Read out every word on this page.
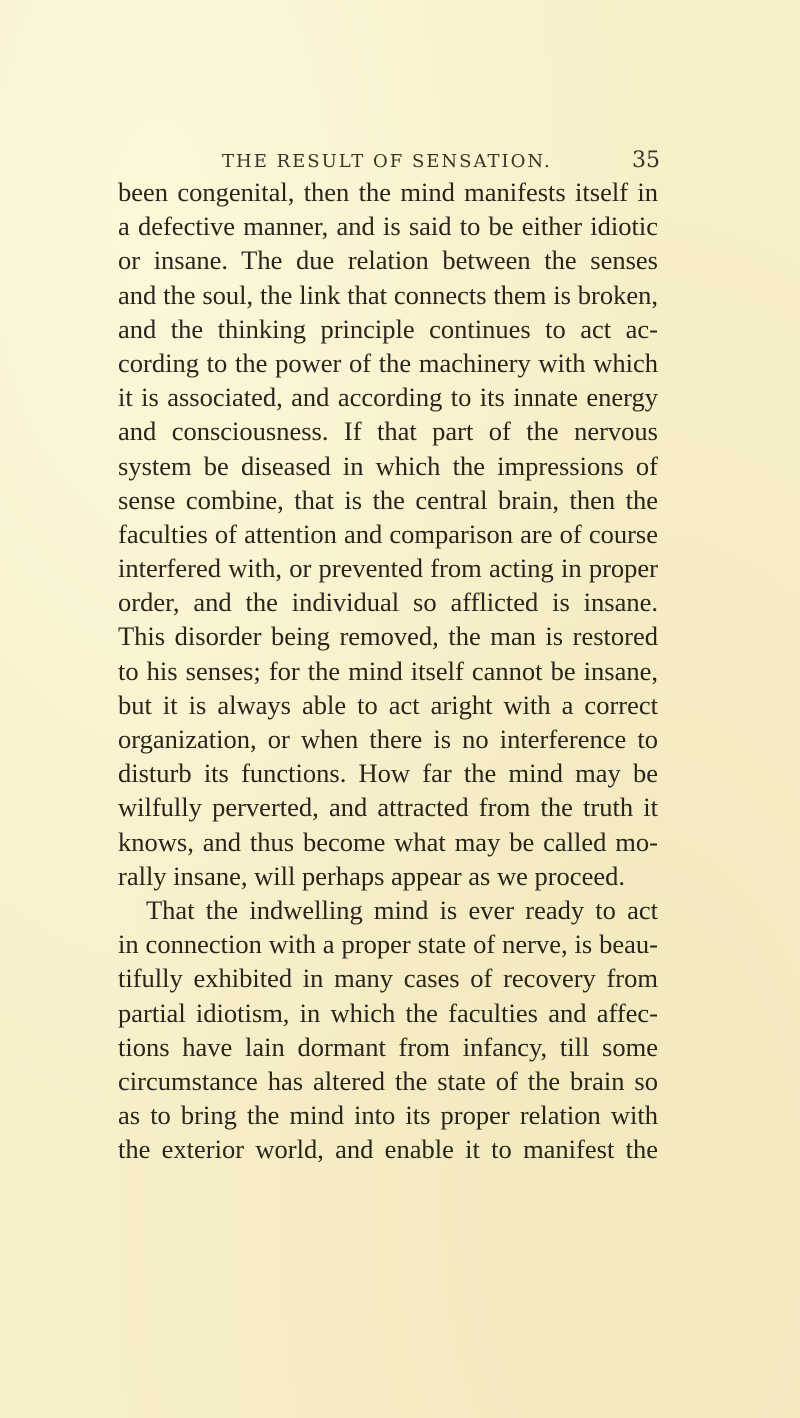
THE RESULT OF SENSATION.	35
been congenital, then the mind manifests itself in
a defective manner, and is said to be either idiotic
or insane. The due relation between the senses
and the soul, the link that connects them is broken,
and the thinking principle continues to act ac-
cording to the power of the machinery with which
it is associated, and according to its innate energy
and consciousness. If that part of the nervous
system be diseased in which the impressions of
sense combine, that is the central brain, then the
faculties of attention and comparison are of course
interfered with, or prevented from acting in proper
order, and the individual so afflicted is insane.
This disorder being removed, the man is restored
to his senses; for the mind itself cannot be insane,
but it is always able to act aright with a correct
organization, or when there is no interference to
disturb its functions. How far the mind may be
wilfully perverted, and attracted from the truth it
knows, and thus become what may be called mo-
rally insane, will perhaps appear as we proceed.
That the indwelling mind is ever ready to act
in connection with a proper state of nerve, is beau-
tifully exhibited in many cases of recovery from
partial idiotism, in which the faculties and affec-
tions have lain dormant from infancy, till some
circumstance has altered the state of the brain so
as to bring the mind into its proper relation with
the exterior world, and enable it to manifest the
